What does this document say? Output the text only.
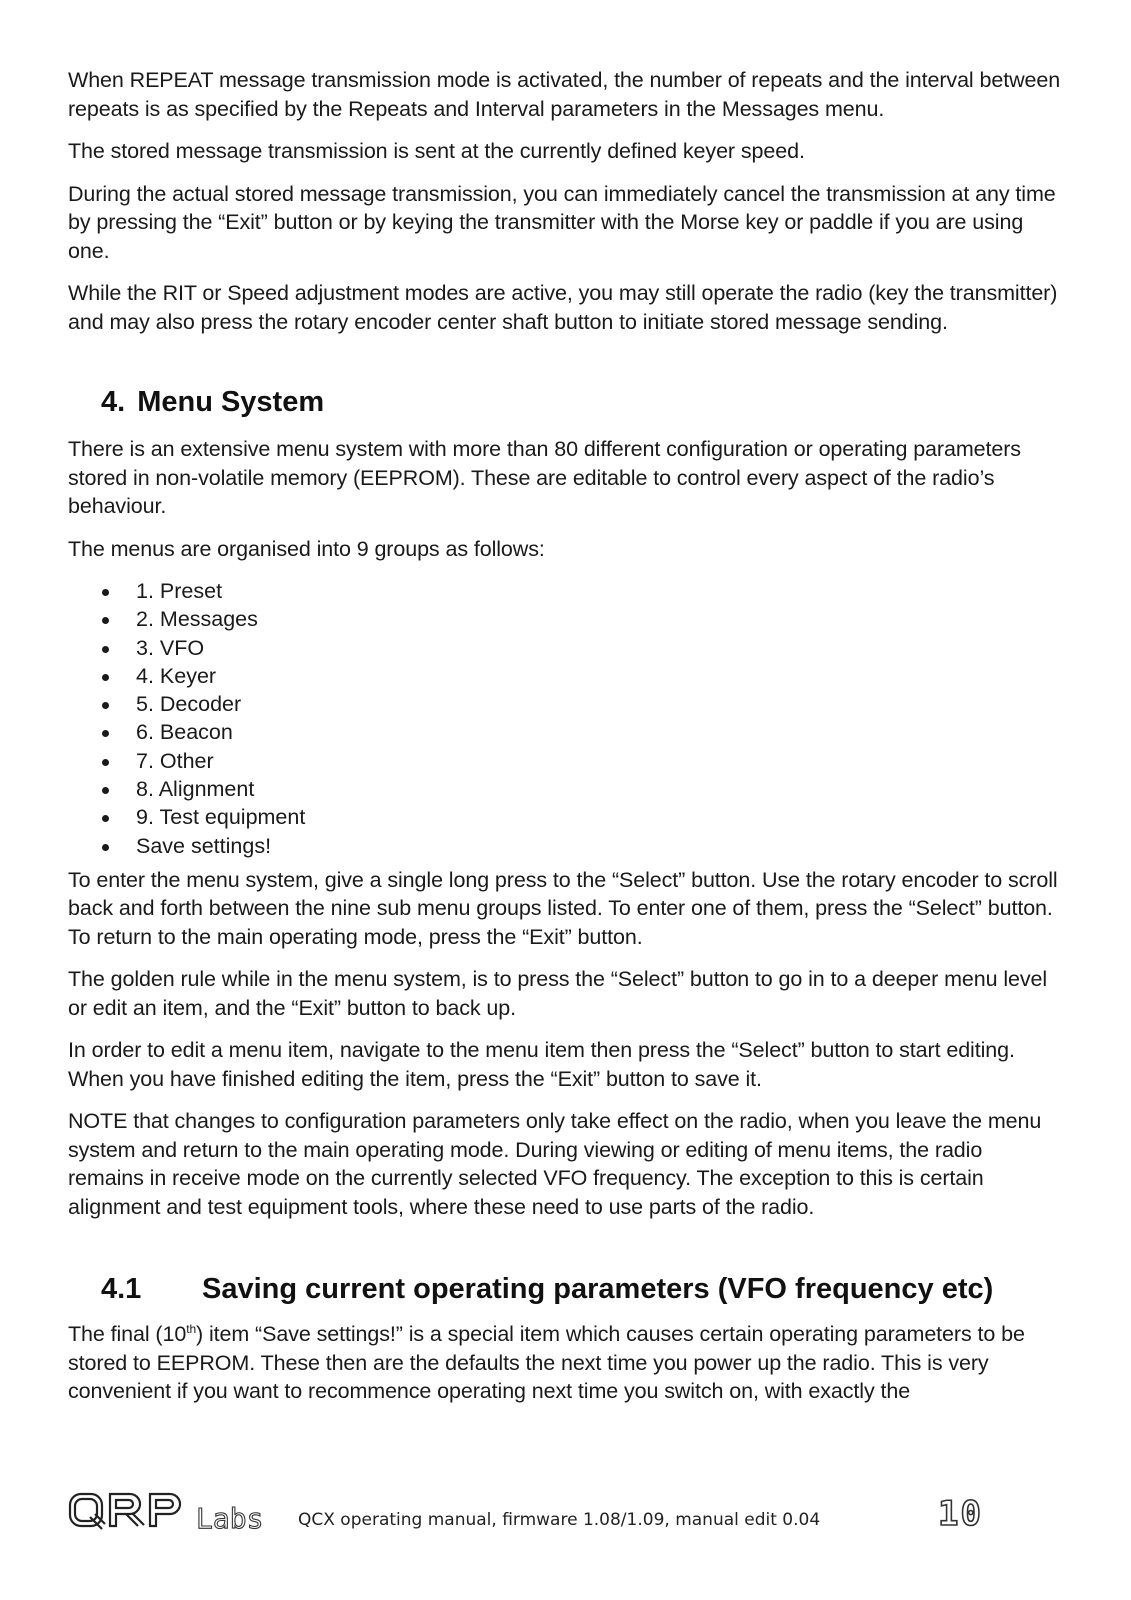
When REPEAT message transmission mode is activated, the number of repeats and the interval between repeats is as specified by the Repeats and Interval parameters in the Messages menu.

The stored message transmission is sent at the currently defined keyer speed.

During the actual stored message transmission, you can immediately cancel the transmission at any time by pressing the “Exit” button or by keying the transmitter with the Morse key or paddle if you are using one.

While the RIT or Speed adjustment modes are active, you may still operate the radio (key the transmitter) and may also press the rotary encoder center shaft button to initiate stored message sending.

4. Menu System

There is an extensive menu system with more than 80 different configuration or operating parameters stored in non-volatile memory (EEPROM). These are editable to control every aspect of the radio’s behaviour.

The menus are organised into 9 groups as follows:

1. Preset
2. Messages
3. VFO
4. Keyer
5. Decoder
6. Beacon
7. Other
8. Alignment
9. Test equipment
Save settings!

To enter the menu system, give a single long press to the “Select” button. Use the rotary encoder to scroll back and forth between the nine sub menu groups listed. To enter one of them, press the “Select” button. To return to the main operating mode, press the “Exit” button.

The golden rule while in the menu system, is to press the “Select” button to go in to a deeper menu level or edit an item, and the “Exit” button to back up.

In order to edit a menu item, navigate to the menu item then press the “Select” button to start editing. When you have finished editing the item, press the “Exit” button to save it.

NOTE that changes to configuration parameters only take effect on the radio, when you leave the menu system and return to the main operating mode. During viewing or editing of menu items, the radio remains in receive mode on the currently selected VFO frequency. The exception to this is certain alignment and test equipment tools, where these need to use parts of the radio.

4.1 Saving current operating parameters (VFO frequency etc)

The final (10th) item “Save settings!” is a special item which causes certain operating parameters to be stored to EEPROM. These then are the defaults the next time you power up the radio. This is very convenient if you want to recommence operating next time you switch on, with exactly the

Labs QCX operating manual, firmware 1.08/1.09, manual edit 0.04	10
